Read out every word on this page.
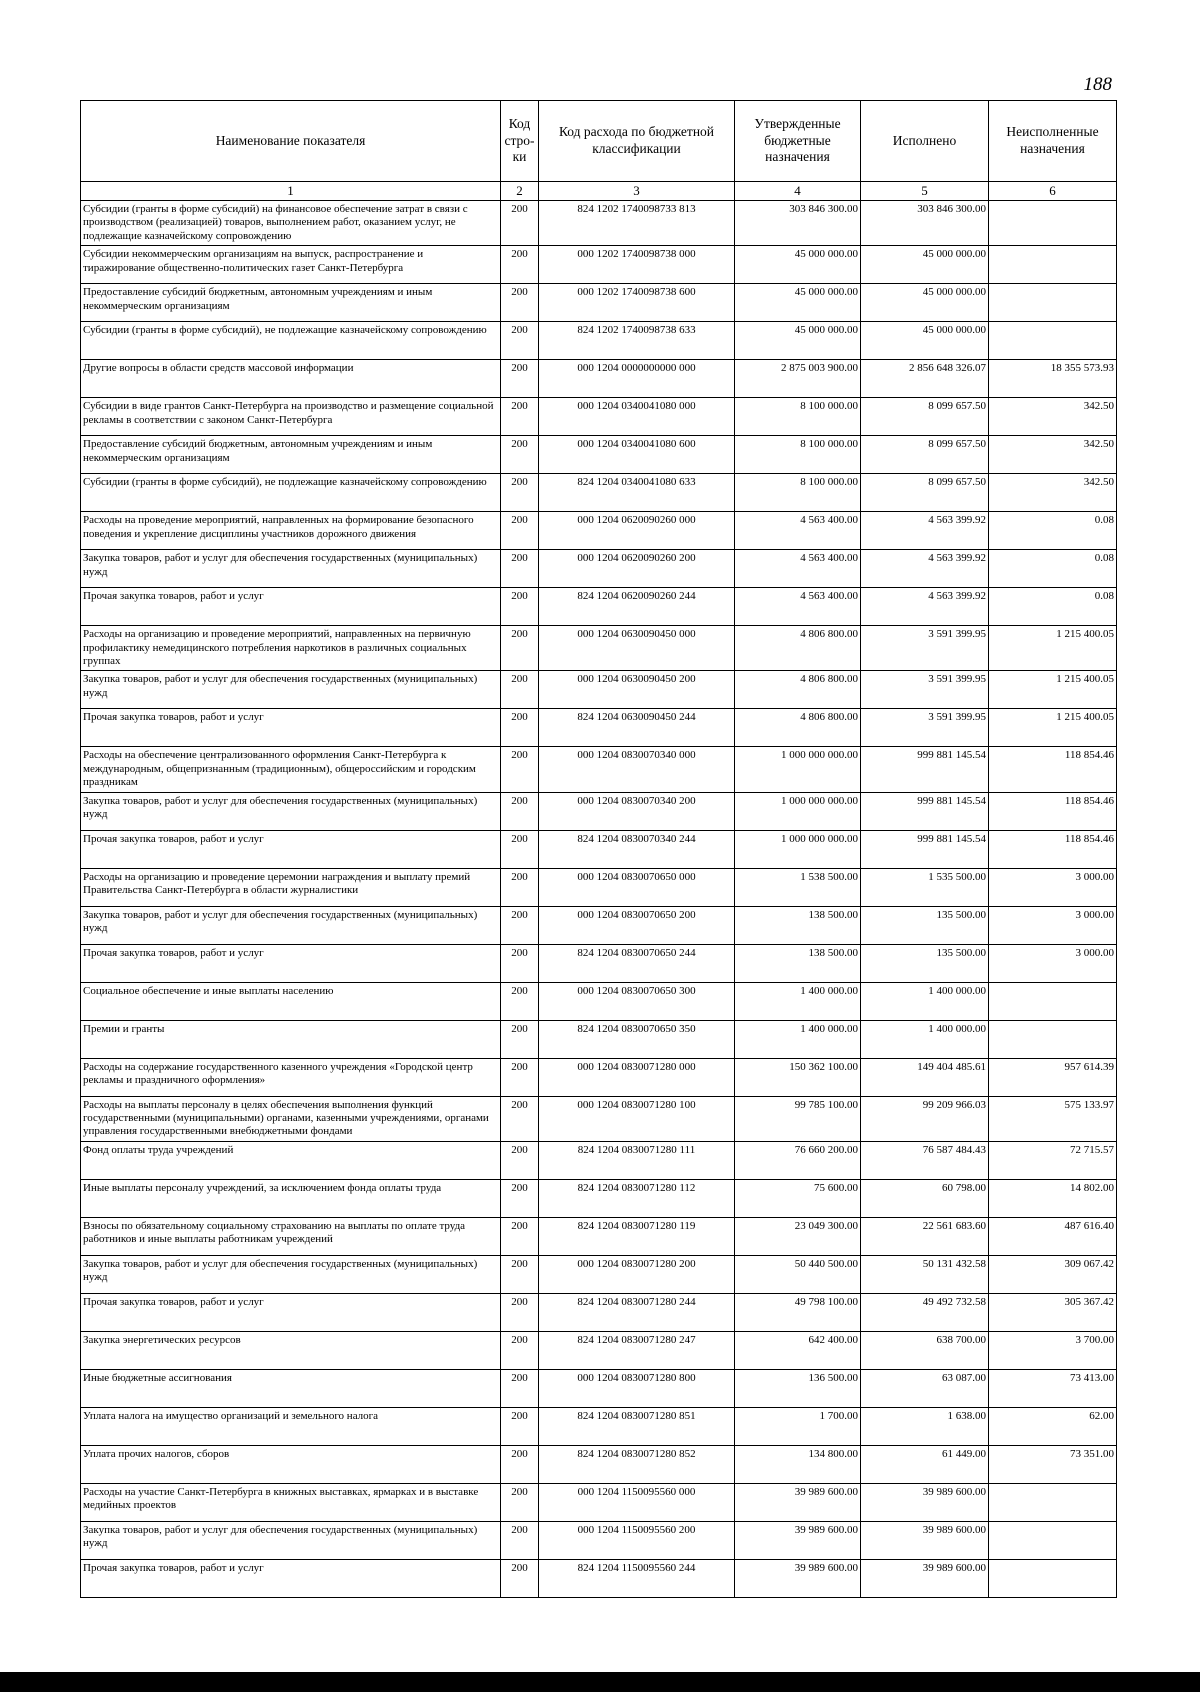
188
Наименование показателя	Код стро-ки	Код расхода по бюджетной классификации	Утвержденные бюджетные назначения	Исполнено	Неисполненные назначения
1	2	3	4	5	6
Субсидии (гранты в форме субсидий) на финансовое обеспечение затрат в связи с производством (реализацией) товаров, выполнением работ, оказанием услуг, не подлежащие казначейскому сопровождению	200	824 1202 1740098733 813	303 846 300.00	303 846 300.00	
Субсидии некоммерческим организациям на выпуск, распространение и тиражирование общественно-политических газет Санкт-Петербурга	200	000 1202 1740098738 000	45 000 000.00	45 000 000.00	
Предоставление субсидий бюджетным, автономным учреждениям и иным некоммерческим организациям	200	000 1202 1740098738 600	45 000 000.00	45 000 000.00	
Субсидии (гранты в форме субсидий), не подлежащие казначейскому сопровождению	200	824 1202 1740098738 633	45 000 000.00	45 000 000.00	
Другие вопросы в области средств массовой информации	200	000 1204 0000000000 000	2 875 003 900.00	2 856 648 326.07	18 355 573.93
Субсидии в виде грантов Санкт-Петербурга на производство и размещение социальной рекламы в соответствии с законом Санкт-Петербурга	200	000 1204 0340041080 000	8 100 000.00	8 099 657.50	342.50
Предоставление субсидий бюджетным, автономным учреждениям и иным некоммерческим организациям	200	000 1204 0340041080 600	8 100 000.00	8 099 657.50	342.50
Субсидии (гранты в форме субсидий), не подлежащие казначейскому сопровождению	200	824 1204 0340041080 633	8 100 000.00	8 099 657.50	342.50
Расходы на проведение мероприятий, направленных на формирование безопасного поведения и укрепление дисциплины участников дорожного движения	200	000 1204 0620090260 000	4 563 400.00	4 563 399.92	0.08
Закупка товаров, работ и услуг для обеспечения государственных (муниципальных) нужд	200	000 1204 0620090260 200	4 563 400.00	4 563 399.92	0.08
Прочая закупка товаров, работ и услуг	200	824 1204 0620090260 244	4 563 400.00	4 563 399.92	0.08
Расходы на организацию и проведение мероприятий, направленных на первичную профилактику немедицинского потребления наркотиков в различных социальных группах	200	000 1204 0630090450 000	4 806 800.00	3 591 399.95	1 215 400.05
Закупка товаров, работ и услуг для обеспечения государственных (муниципальных) нужд	200	000 1204 0630090450 200	4 806 800.00	3 591 399.95	1 215 400.05
Прочая закупка товаров, работ и услуг	200	824 1204 0630090450 244	4 806 800.00	3 591 399.95	1 215 400.05
Расходы на обеспечение централизованного оформления Санкт-Петербурга к международным, общепризнанным (традиционным), общероссийским и городским праздникам	200	000 1204 0830070340 000	1 000 000 000.00	999 881 145.54	118 854.46
Закупка товаров, работ и услуг для обеспечения государственных (муниципальных) нужд	200	000 1204 0830070340 200	1 000 000 000.00	999 881 145.54	118 854.46
Прочая закупка товаров, работ и услуг	200	824 1204 0830070340 244	1 000 000 000.00	999 881 145.54	118 854.46
Расходы на организацию и проведение церемонии награждения и выплату премий Правительства Санкт-Петербурга в области журналистики	200	000 1204 0830070650 000	1 538 500.00	1 535 500.00	3 000.00
Закупка товаров, работ и услуг для обеспечения государственных (муниципальных) нужд	200	000 1204 0830070650 200	138 500.00	135 500.00	3 000.00
Прочая закупка товаров, работ и услуг	200	824 1204 0830070650 244	138 500.00	135 500.00	3 000.00
Социальное обеспечение и иные выплаты населению	200	000 1204 0830070650 300	1 400 000.00	1 400 000.00	
Премии и гранты	200	824 1204 0830070650 350	1 400 000.00	1 400 000.00	
Расходы на содержание государственного казенного учреждения «Городской центр рекламы и праздничного оформления»	200	000 1204 0830071280 000	150 362 100.00	149 404 485.61	957 614.39
Расходы на выплаты персоналу в целях обеспечения выполнения функций государственными (муниципальными) органами, казенными учреждениями, органами управления государственными внебюджетными фондами	200	000 1204 0830071280 100	99 785 100.00	99 209 966.03	575 133.97
Фонд оплаты труда учреждений	200	824 1204 0830071280 111	76 660 200.00	76 587 484.43	72 715.57
Иные выплаты персоналу учреждений, за исключением фонда оплаты труда	200	824 1204 0830071280 112	75 600.00	60 798.00	14 802.00
Взносы по обязательному социальному страхованию на выплаты по оплате труда работников и иные выплаты работникам учреждений	200	824 1204 0830071280 119	23 049 300.00	22 561 683.60	487 616.40
Закупка товаров, работ и услуг для обеспечения государственных (муниципальных) нужд	200	000 1204 0830071280 200	50 440 500.00	50 131 432.58	309 067.42
Прочая закупка товаров, работ и услуг	200	824 1204 0830071280 244	49 798 100.00	49 492 732.58	305 367.42
Закупка энергетических ресурсов	200	824 1204 0830071280 247	642 400.00	638 700.00	3 700.00
Иные бюджетные ассигнования	200	000 1204 0830071280 800	136 500.00	63 087.00	73 413.00
Уплата налога на имущество организаций и земельного налога	200	824 1204 0830071280 851	1 700.00	1 638.00	62.00
Уплата прочих налогов, сборов	200	824 1204 0830071280 852	134 800.00	61 449.00	73 351.00
Расходы на участие Санкт-Петербурга в книжных выставках, ярмарках и в выставке медийных проектов	200	000 1204 1150095560 000	39 989 600.00	39 989 600.00	
Закупка товаров, работ и услуг для обеспечения государственных (муниципальных) нужд	200	000 1204 1150095560 200	39 989 600.00	39 989 600.00	
Прочая закупка товаров, работ и услуг	200	824 1204 1150095560 244	39 989 600.00	39 989 600.00	
